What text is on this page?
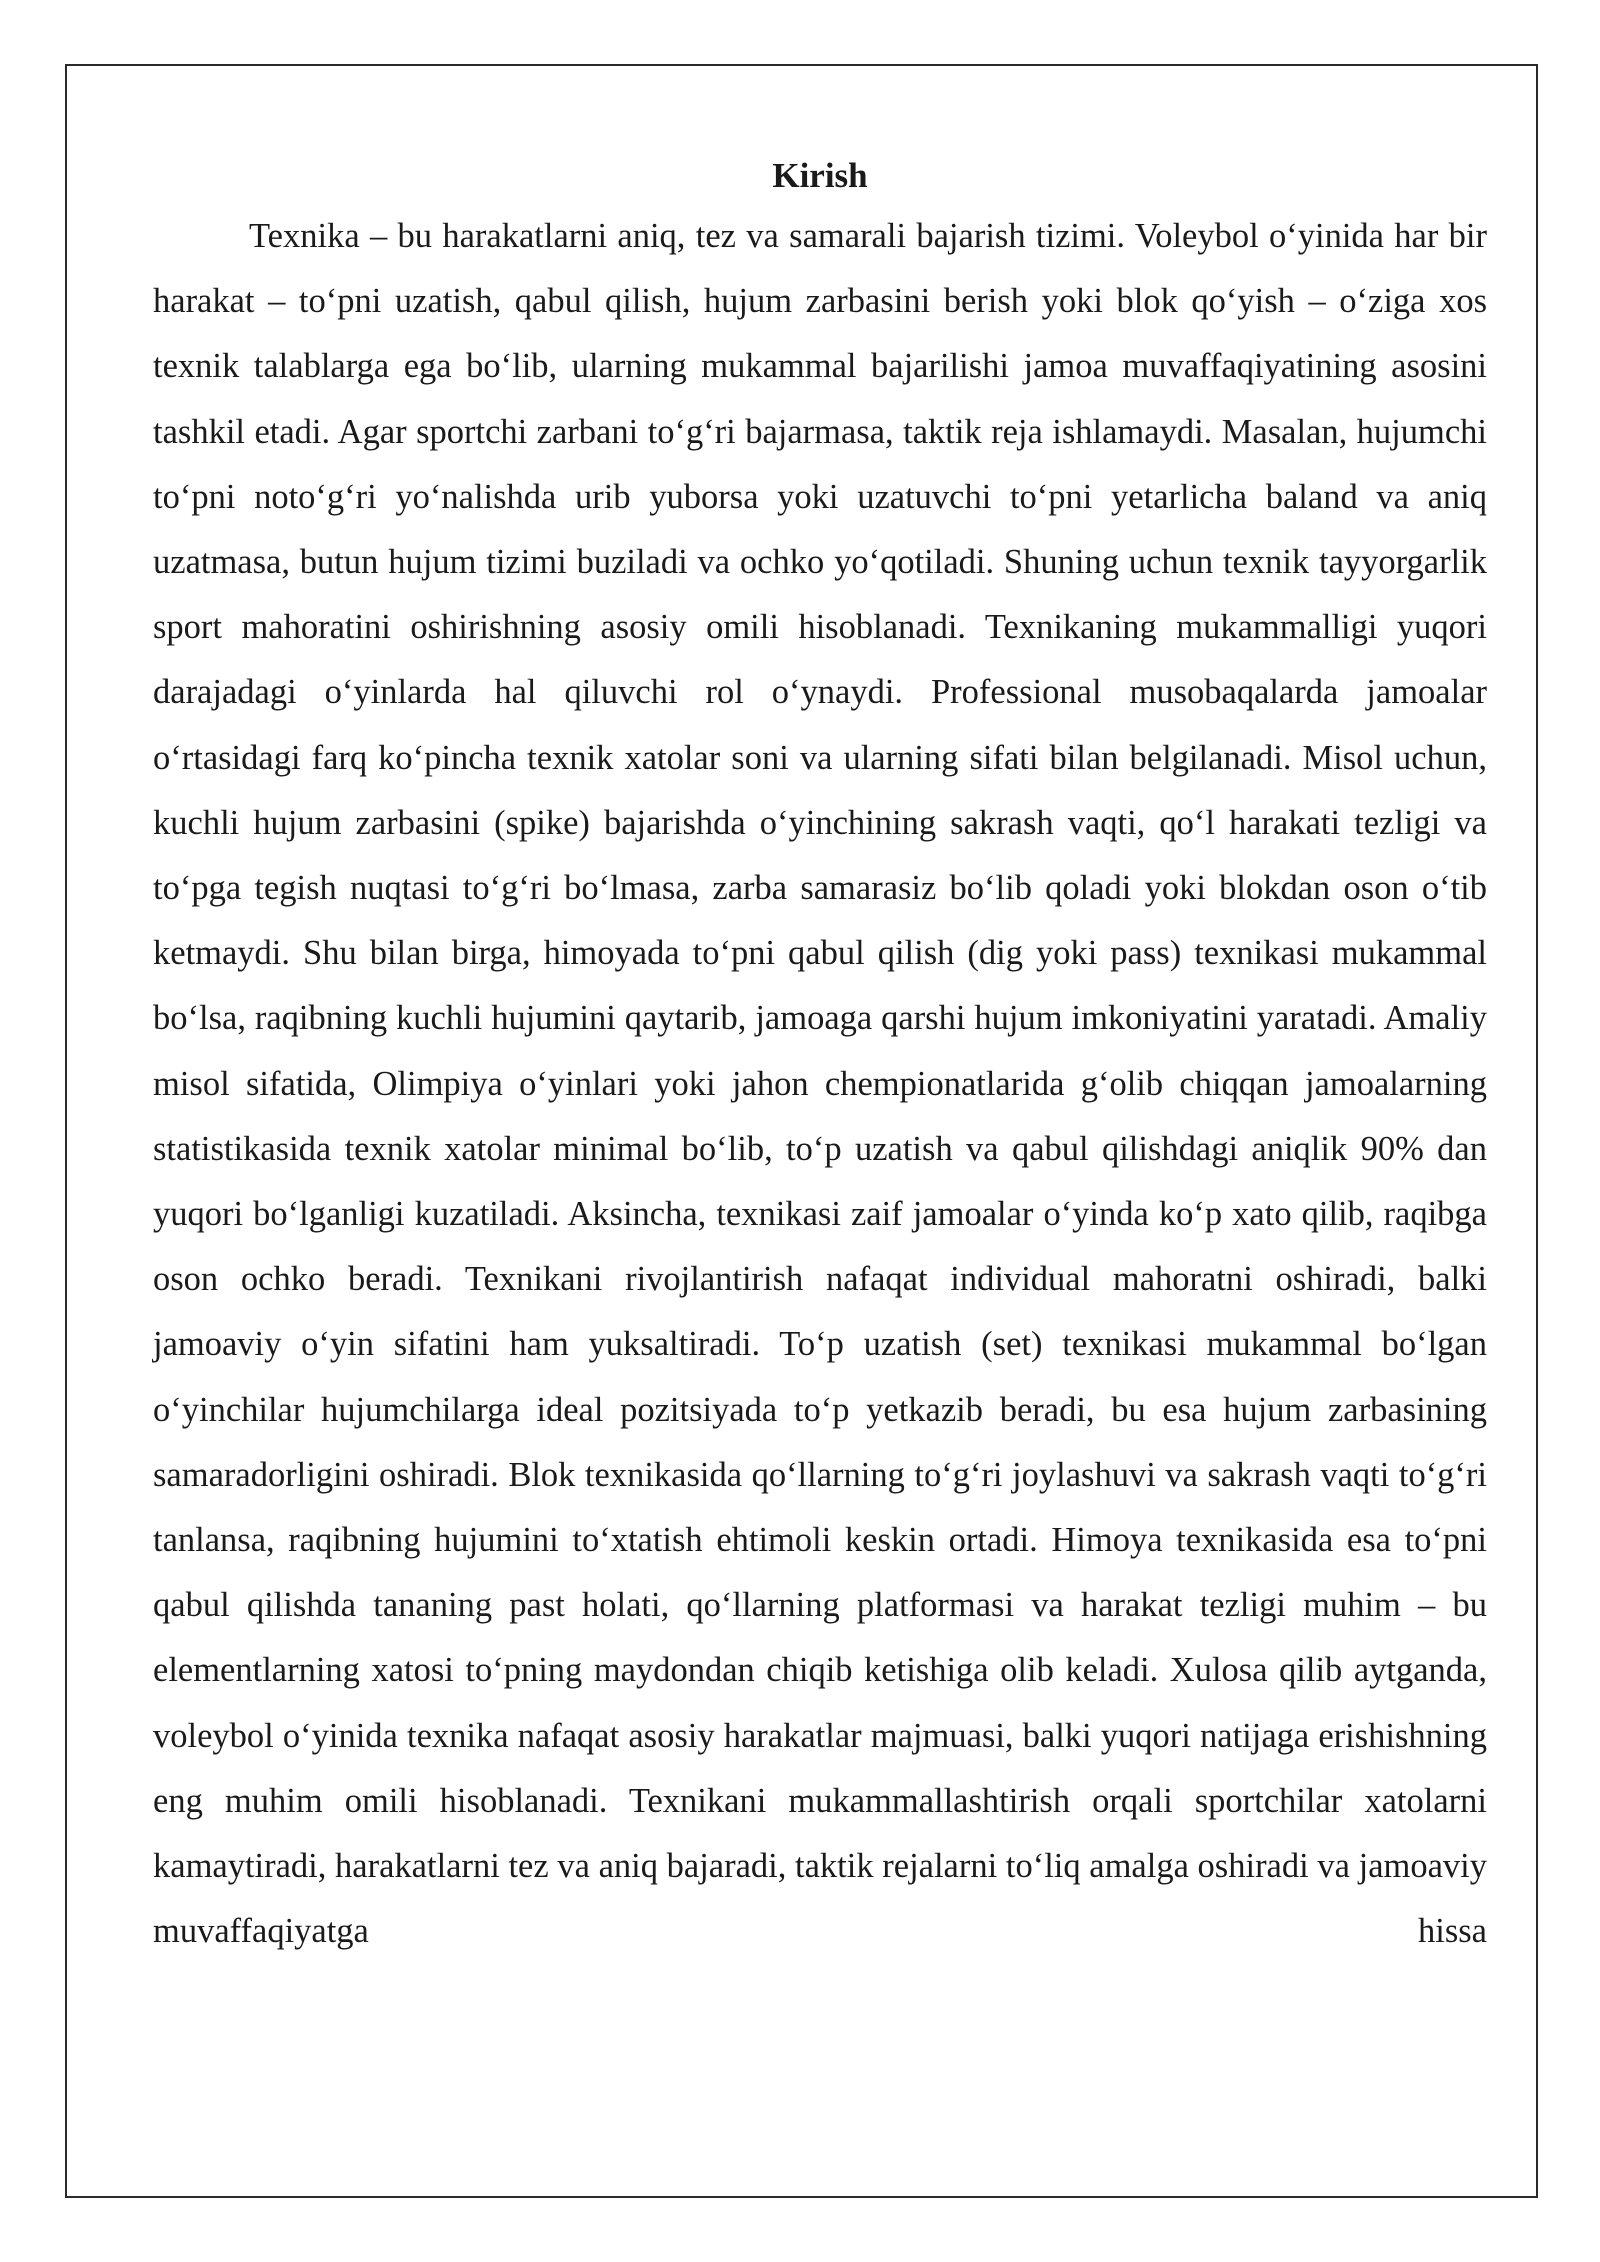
Kirish

Texnika – bu harakatlarni aniq, tez va samarali bajarish tizimi. Voleybol o‘yinida har bir harakat – to‘pni uzatish, qabul qilish, hujum zarbasini berish yoki blok qo‘yish – o‘ziga xos texnik talablarga ega bo‘lib, ularning mukammal bajarilishi jamoa muvaffaqiyatining asosini tashkil etadi. Agar sportchi zarbani to‘g‘ri bajarmasa, taktik reja ishlamaydi. Masalan, hujumchi to‘pni noto‘g‘ri yo‘nalishda urib yuborsa yoki uzatuvchi to‘pni yetarlicha baland va aniq uzatmasa, butun hujum tizimi buziladi va ochko yo‘qotiladi. Shuning uchun texnik tayyorgarlik sport mahoratini oshirishning asosiy omili hisoblanadi. Texnikaning mukammalligi yuqori darajadagi o‘yinlarda hal qiluvchi rol o‘ynaydi. Professional musobaqalarda jamoalar o‘rtasidagi farq ko‘pincha texnik xatolar soni va ularning sifati bilan belgilanadi. Misol uchun, kuchli hujum zarbasini (spike) bajarishda o‘yinchining sakrash vaqti, qo‘l harakati tezligi va to‘pga tegish nuqtasi to‘g‘ri bo‘lmasa, zarba samarasiz bo‘lib qoladi yoki blokdan oson o‘tib ketmaydi. Shu bilan birga, himoyada to‘pni qabul qilish (dig yoki pass) texnikasi mukammal bo‘lsa, raqibning kuchli hujumini qaytarib, jamoaga qarshi hujum imkoniyatini yaratadi. Amaliy misol sifatida, Olimpiya o‘yinlari yoki jahon chempionatlarida g‘olib chiqqan jamoalarning statistikasida texnik xatolar minimal bo‘lib, to‘p uzatish va qabul qilishdagi aniqlik 90% dan yuqori bo‘lganligi kuzatiladi. Aksincha, texnikasi zaif jamoalar o‘yinda ko‘p xato qilib, raqibga oson ochko beradi. Texnikani rivojlantirish nafaqat individual mahoratni oshiradi, balki jamoaviy o‘yin sifatini ham yuksaltiradi. To‘p uzatish (set) texnikasi mukammal bo‘lgan o‘yinchilar hujumchilarga ideal pozitsiyada to‘p yetkazib beradi, bu esa hujum zarbasining samaradorligini oshiradi. Blok texnikasida qo‘llarning to‘g‘ri joylashuvi va sakrash vaqti to‘g‘ri tanlansa, raqibning hujumini to‘xtatish ehtimoli keskin ortadi. Himoya texnikasida esa to‘pni qabul qilishda tananing past holati, qo‘llarning platformasi va harakat tezligi muhim – bu elementlarning xatosi to‘pning maydondan chiqib ketishiga olib keladi. Xulosa qilib aytganda, voleybol o‘yinida texnika nafaqat asosiy harakatlar majmuasi, balki yuqori natijaga erishishning eng muhim omili hisoblanadi. Texnikani mukammallashtirish orqali sportchilar xatolarni kamaytiradi, harakatlarni tez va aniq bajaradi, taktik rejalarni to‘liq amalga oshiradi va jamoaviy muvaffaqiyatga hissa
